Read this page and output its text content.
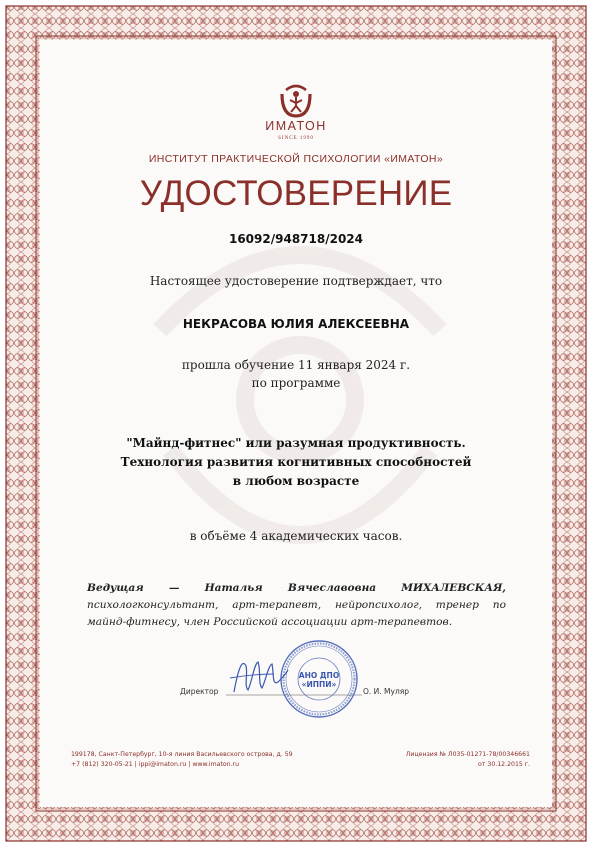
ИМАТОН
SINCE 1990
ИНСТИТУТ ПРАКТИЧЕСКОЙ ПСИХОЛОГИИ «ИМАТОН»
УДОСТОВЕРЕНИЕ
16092/948718/2024
Настоящее удостоверение подтверждает, что
НЕКРАСОВА ЮЛИЯ АЛЕКСЕЕВНА
прошла обучение 11 января 2024 г.
по программе
"Майнд-фитнес" или разумная продуктивность.
Технология развития когнитивных способностей
в любом возрасте
в объёме 4 академических часов.
Ведущая — Наталья Вячеславовна МИХАЛЕВСКАЯ,
психологконсультант, арт-терапевт, нейропсихолог, тренер по
майнд-фитнесу, член Российской ассоциации арт-терапевтов.
Директор	О. И. Муляр
АНО ДПО
«ИППИ»
199178, Санкт-Петербург, 10-я линия Васильевского острова, д. 59
+7 (812) 320-05-21 | ippi@imaton.ru | www.imaton.ru
Лицензия № Л035-01271-78/00346661
от 30.12.2015 г.
